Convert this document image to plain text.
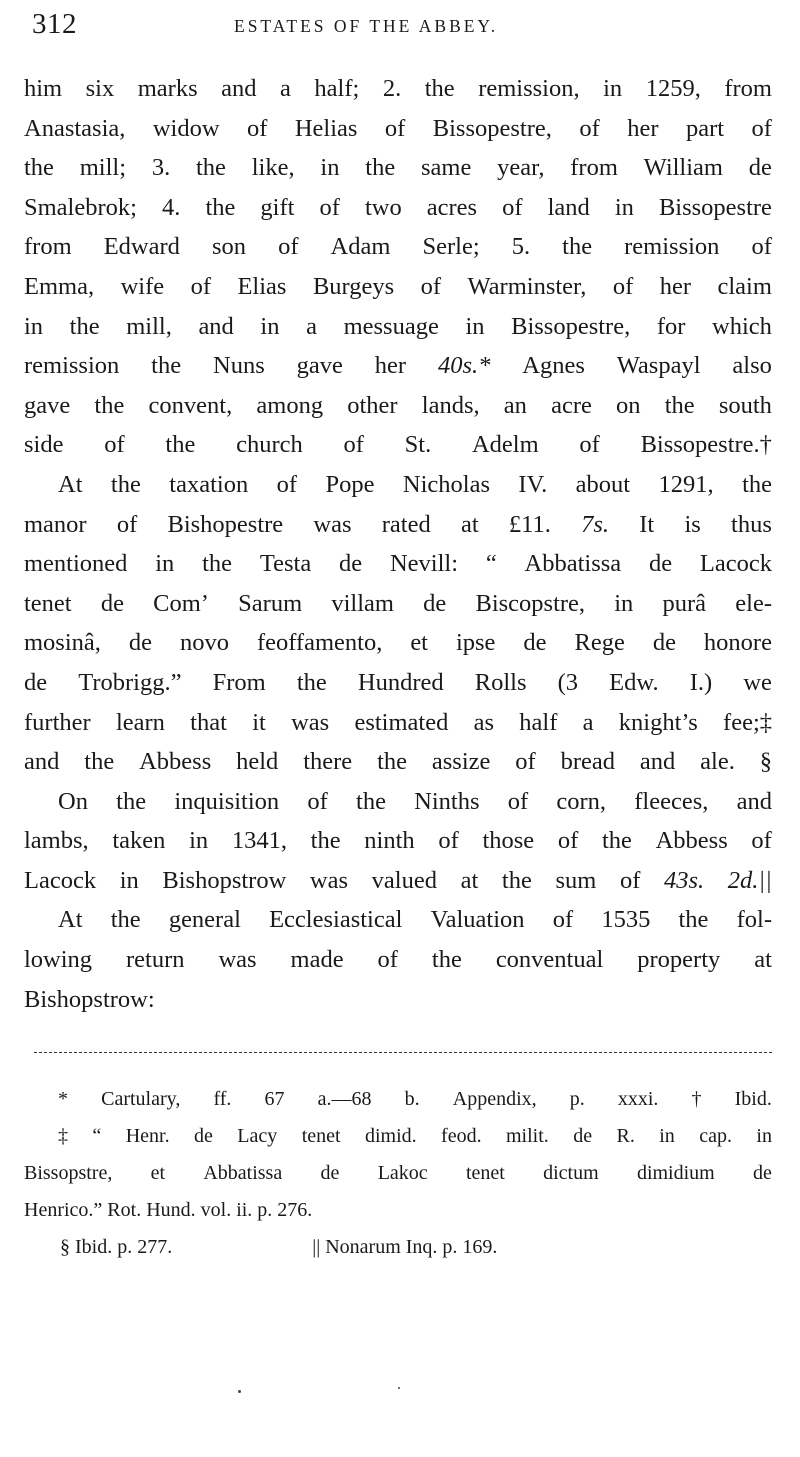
312	ESTATES OF THE ABBEY.
him six marks and a half; 2. the remission, in 1259, from
Anastasia, widow of Helias of Bissopestre, of her part of
the mill; 3. the like, in the same year, from William de
Smalebrok; 4. the gift of two acres of land in Bissopestre
from Edward son of Adam Serle; 5. the remission of
Emma, wife of Elias Burgeys of Warminster, of her claim
in the mill, and in a messuage in Bissopestre, for which
remission the Nuns gave her 40s.* Agnes Waspayl also
gave the convent, among other lands, an acre on the south
side of the church of St. Adelm of Bissopestre.†
At the taxation of Pope Nicholas IV. about 1291, the
manor of Bishopestre was rated at £11. 7s. It is thus
mentioned in the Testa de Nevill: “ Abbatissa de Lacock
tenet de Com’ Sarum villam de Biscopstre, in purâ ele-
mosinâ, de novo feoffamento, et ipse de Rege de honore
de Trobrigg.” From the Hundred Rolls (3 Edw. I.) we
further learn that it was estimated as half a knight’s fee;‡
and the Abbess held there the assize of bread and ale. §
On the inquisition of the Ninths of corn, fleeces, and
lambs, taken in 1341, the ninth of those of the Abbess of
Lacock in Bishopstrow was valued at the sum of 43s. 2d.||
At the general Ecclesiastical Valuation of 1535 the fol-
lowing return was made of the conventual property at
Bishopstrow:
* Cartulary, ff. 67 a.—68 b. Appendix, p. xxxi. † Ibid.
‡ “ Henr. de Lacy tenet dimid. feod. milit. de R. in cap. in
Bissopstre, et Abbatissa de Lakoc tenet dictum dimidium de
Henrico.” Rot. Hund. vol. ii. p. 276.
§ Ibid. p. 277.	|| Nonarum Inq. p. 169.
